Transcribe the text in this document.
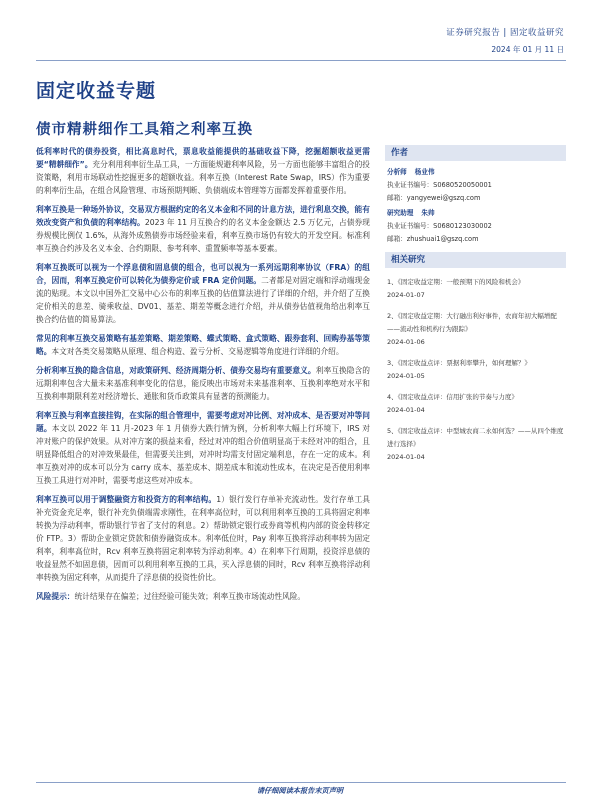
证券研究报告 | 固定收益研究
2024 年 01 月 11 日
固定收益专题
债市精耕细作工具箱之利率互换

低利率时代的债券投资，相比高息时代，票息收益能提供的基础收益下降，挖掘超额收益更需要“精耕细作”。充分利用利率衍生品工具，一方面能规避利率风险，另一方面也能够丰富组合的投资策略，利用市场联动性挖掘更多的超额收益。利率互换（Interest Rate Swap，IRS）作为重要的利率衍生品，在组合风险管理、市场预期判断、负债端成本管理等方面都发挥着重要作用。

利率互换是一种场外协议，交易双方根据约定的名义本金和不同的计息方法，进行利息交换，能有效改变资产和负债的利率结构。2023 年 11 月互换合约的名义本金金额达 2.5 万亿元，占债券现券规模比例仅 1.6%，从海外成熟债券市场经验来看，利率互换市场仍有较大的开发空间。标准利率互换合约涉及名义本金、合约期限、参考利率、重置频率等基本要素。

利率互换既可以视为一个浮息债和固息债的组合，也可以视为一系列远期利率协议（FRA）的组合，因而，利率互换定价可以转化为债券定价或 FRA 定价问题。二者都是对固定端和浮动端现金流的贴现。本文以中国外汇交易中心公布的利率互换的估值算法进行了详细的介绍，并介绍了互换定价相关的息差、骑乘收益、DV01、基差、期差等概念进行介绍，并从债券估值视角给出利率互换合约估值的简易算法。

常见的利率互换交易策略有基差策略、期差策略、蝶式策略、盒式策略、跟券套利、回购券基等策略。本文对各类交易策略从原理、组合构造、盈亏分析、交易逻辑等角度进行详细的介绍。

分析利率互换的隐含信息，对政策研判、经济周期分析、债券交易均有重要意义。利率互换隐含的远期利率包含大量未来基准利率变化的信息，能反映出市场对未来基准利率、互换利率绝对水平和互换利率期限利差对经济增长、通胀和货币政策具有显著的预测能力。

利率互换与利率直接挂钩，在实际的组合管理中，需要考虑对冲比例、对冲成本、是否要对冲等问题。本文以 2022 年 11 月-2023 年 1 月债券大跌行情为例，分析利率大幅上行环境下，IRS 对冲对账户的保护效果。从对冲方案的损益来看，经过对冲的组合价值明显高于未经对冲的组合，且明显降低组合的对冲效果最佳，但需要关注到，对冲时均需支付固定端利息，存在一定的成本。利率互换对冲的成本可以分为 carry 成本、基差成本、期差成本和流动性成本，在决定是否使用利率互换工具进行对冲时，需要考虑这些对冲成本。

利率互换可以用于调整融资方和投资方的利率结构。1）银行发行存单补充流动性。发行存单工具补充资金充足率，银行补充负债端需求刚性，在利率高位时，可以利用利率互换的工具将固定利率转换为浮动利率，帮助银行节省了支付的利息。2）帮助锁定银行或券商等机构内部的资金转移定价 FTP。3）帮助企业锁定贷款和债券融资成本。利率低位时，Pay 利率互换将浮动利率转为固定利率，利率高位时，Rcv 利率互换将固定利率转为浮动利率。4）在利率下行周期，投资浮息债的收益显然不如固息债，因而可以利用利率互换的工具，买入浮息债的同时，Rcv 利率互换将浮动利率转换为固定利率，从而提升了浮息债的投资性价比。

风险提示：统计结果存在偏差；过往经验可能失效；利率互换市场流动性风险。

作者
分析师 杨业伟
执业证书编号：S0680520050001
邮箱：yangyewei@gszq.com
研究助理 朱帅
执业证书编号：S0680123030002
邮箱：zhushuai1@gszq.com
相关研究
1、《固定收益定期：一般预期下的风险和机会》
2024-01-07
2、《固定收益定期：大行融出利好事件，农商年初大幅增配——流动性和机构行为跟踪》
2024-01-06
3、《固定收益点评：票据利率攀升，如何理解？》
2024-01-05
4、《固定收益点评：信用扩张的节奏与力度》
2024-01-04
5、《固定收益点评：中型城农商二永如何选？——从四个维度进行选择》
2024-01-04
请仔细阅读本报告末页声明
